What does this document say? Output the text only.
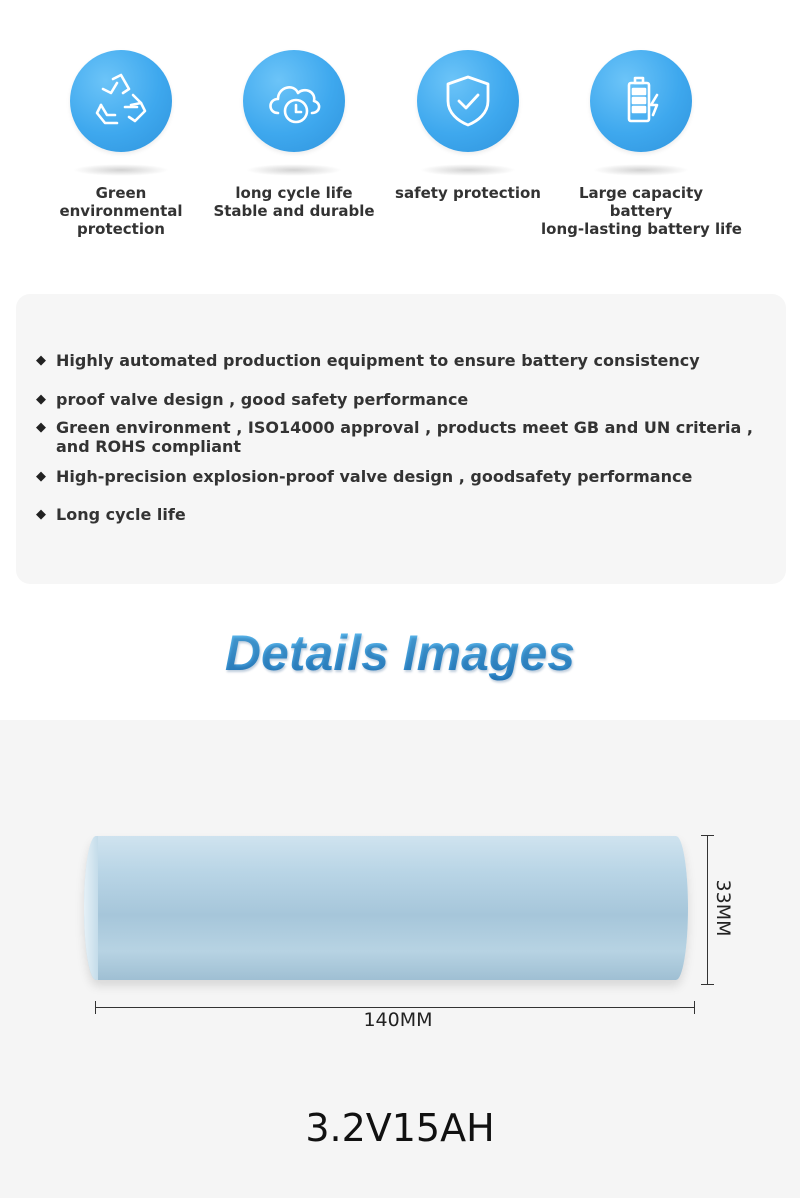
Green
environmental
protection
long cycle life
Stable and durable
safety protection	Large capacity
battery
long-lasting battery life
◆ Highly automated production equipment to ensure battery consistency
◆ proof valve design , good safety performance
◆ Green environment , ISO14000 approval , products meet GB and UN criteria , and ROHS compliant
◆ High-precision explosion-proof valve design , goodsafety performance
◆ Long cycle life
Details Images
140MM
33MM
3.2V15AH
